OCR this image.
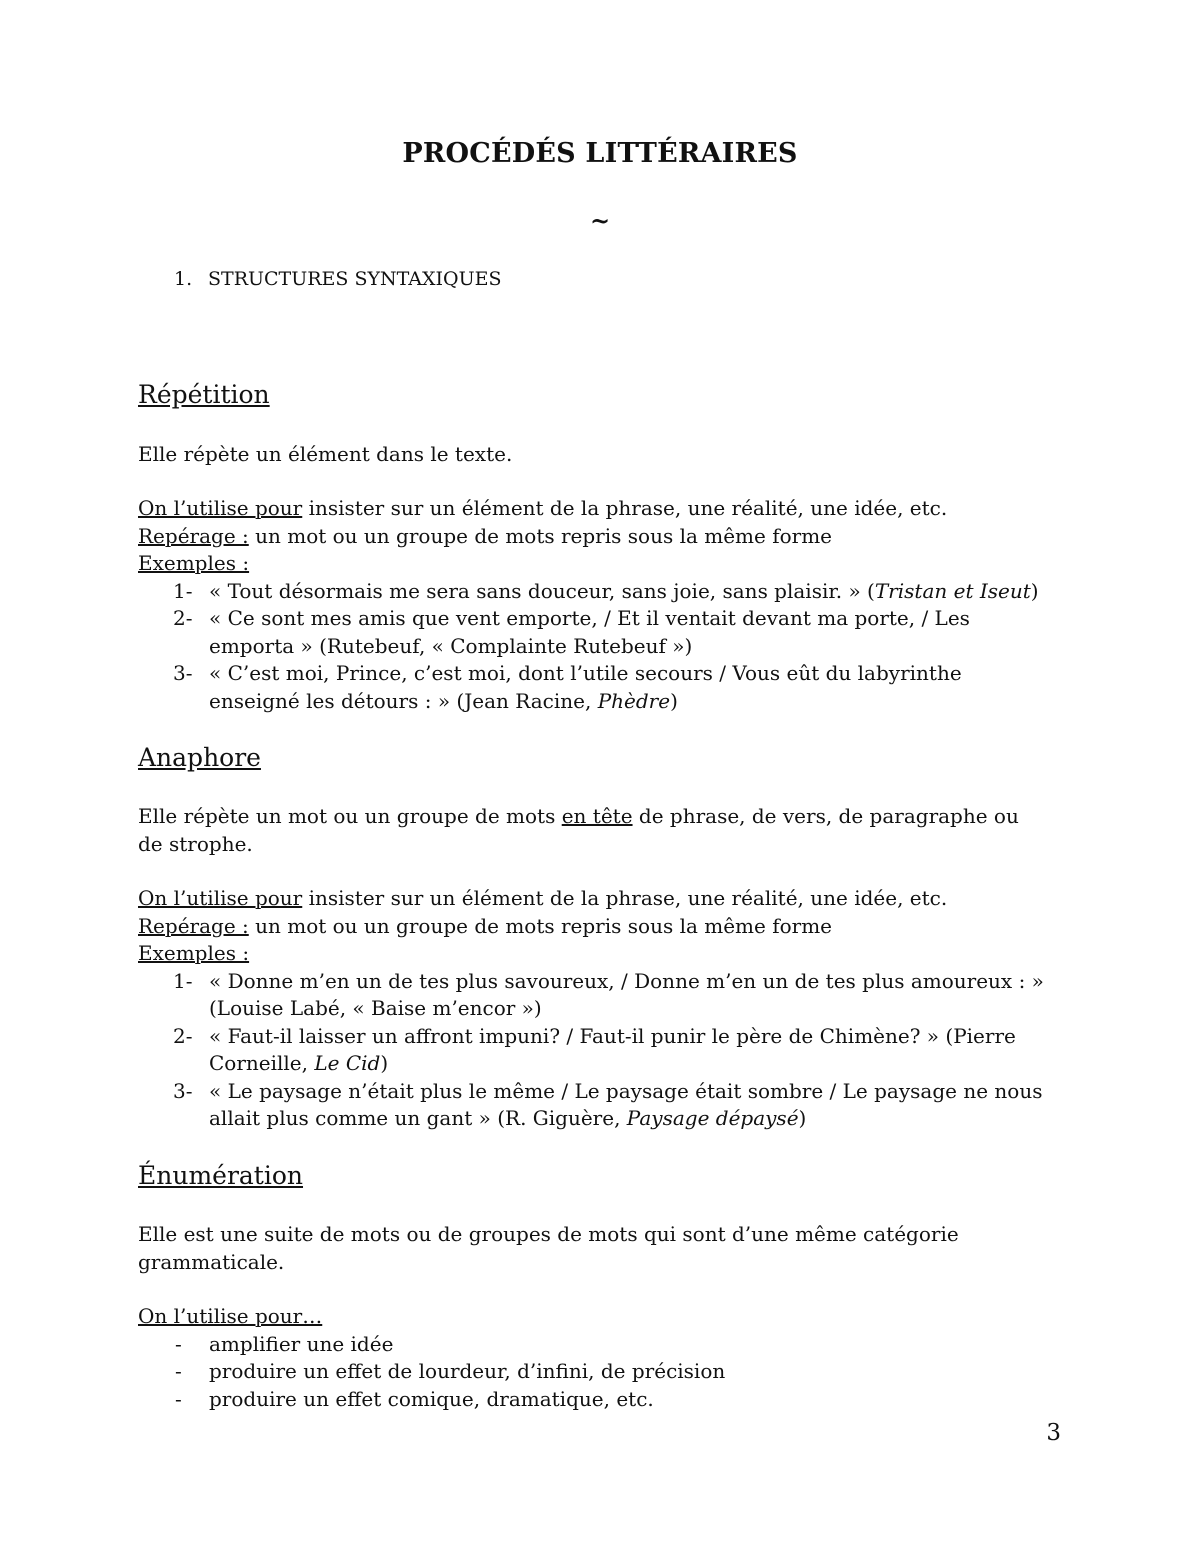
PROCÉDÉS LITTÉRAIRES
~
1. STRUCTURES SYNTAXIQUES
Répétition

Elle répète un élément dans le texte.

On l’utilise pour insister sur un élément de la phrase, une réalité, une idée, etc.

Repérage : un mot ou un groupe de mots repris sous la même forme

Exemples :

1- « Tout désormais me sera sans douceur, sans joie, sans plaisir. » (Tristan et Iseut)
2- « Ce sont mes amis que vent emporte, / Et il ventait devant ma porte, / Les emporta » (Rutebeuf, « Complainte Rutebeuf »)
3- « C’est moi, Prince, c’est moi, dont l’utile secours / Vous eût du labyrinthe enseigné les détours : » (Jean Racine, Phèdre)
Anaphore

Elle répète un mot ou un groupe de mots en tête de phrase, de vers, de paragraphe ou de strophe.

On l’utilise pour insister sur un élément de la phrase, une réalité, une idée, etc.

Repérage : un mot ou un groupe de mots repris sous la même forme

Exemples :

1- « Donne m’en un de tes plus savoureux, / Donne m’en un de tes plus amoureux : » (Louise Labé, « Baise m’encor »)
2- « Faut-il laisser un affront impuni? / Faut-il punir le père de Chimène? » (Pierre Corneille, Le Cid)
3- « Le paysage n’était plus le même / Le paysage était sombre / Le paysage ne nous allait plus comme un gant » (R. Giguère, Paysage dépaysé)
Énumération

Elle est une suite de mots ou de groupes de mots qui sont d’une même catégorie grammaticale.

On l’utilise pour…

- amplifier une idée
- produire un effet de lourdeur, d’infini, de précision
- produire un effet comique, dramatique, etc.
3
